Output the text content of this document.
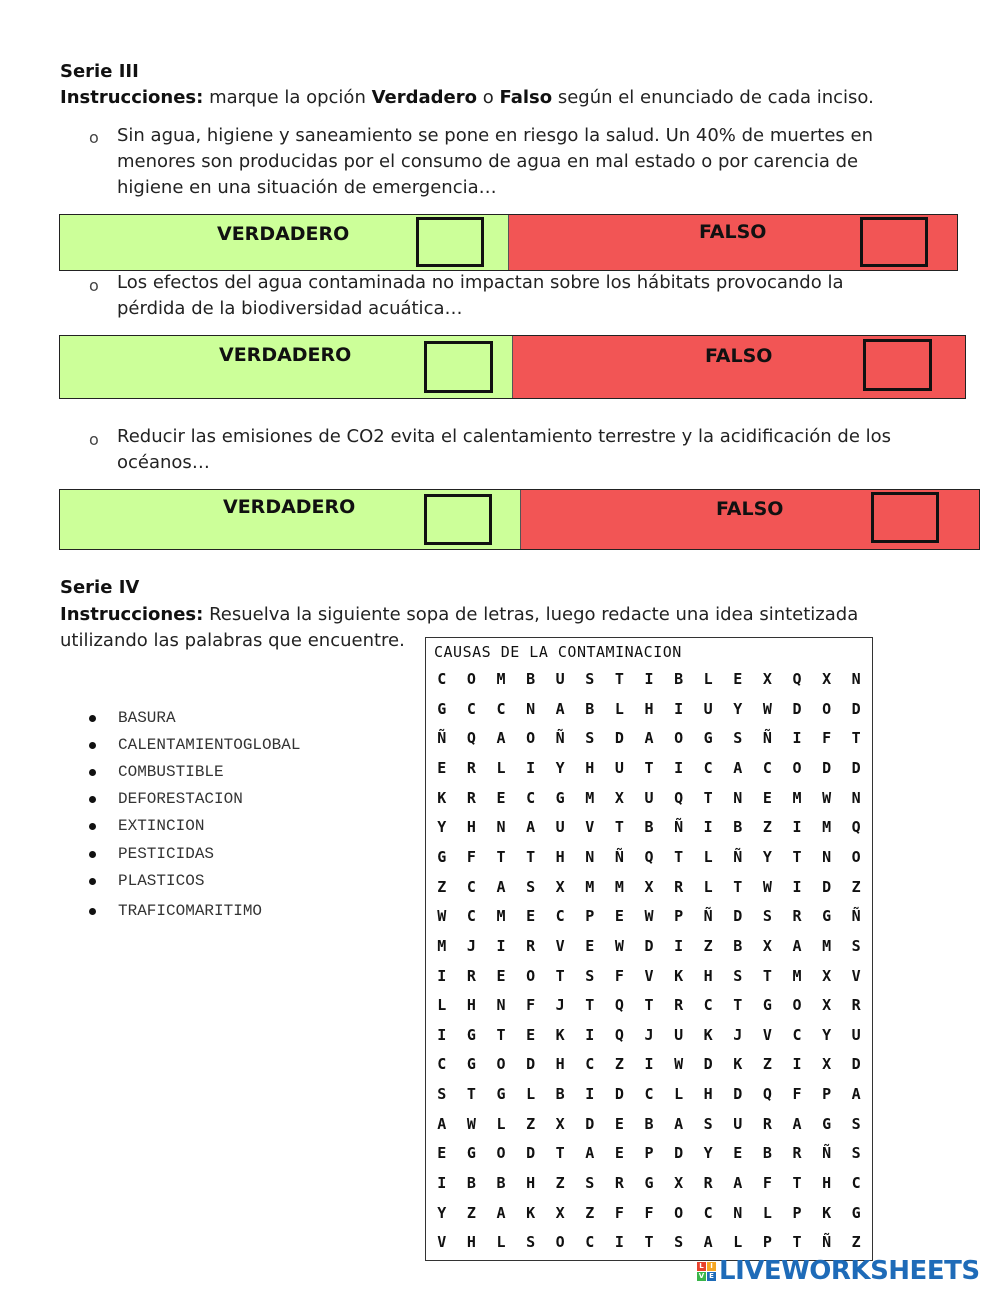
Serie III
Instrucciones: marque la opción Verdadero o Falso según el enunciado de cada inciso.
o Sin agua, higiene y saneamiento se pone en riesgo la salud. Un 40% de muertes en
menores son producidas por el consumo de agua en mal estado o por carencia de
higiene en una situación de emergencia…
VERDADERO	FALSO
o Los efectos del agua contaminada no impactan sobre los hábitats provocando la
pérdida de la biodiversidad acuática…
VERDADERO	FALSO
o Reducir las emisiones de CO2 evita el calentamiento terrestre y la acidificación de los
océanos…
VERDADERO	FALSO
Serie IV
Instrucciones: Resuelva la siguiente sopa de letras, luego redacte una idea sintetizada
utilizando las palabras que encuentre.
BASURA
CALENTAMIENTOGLOBAL
COMBUSTIBLE
DEFORESTACION
EXTINCION
PESTICIDAS
PLASTICOS
TRAFICOMARITIMO
CAUSAS DE LA CONTAMINACION
C	O	M	B	U	S	T	I	B	L	E	X	Q	X	N
G	C	C	N	A	B	L	H	I	U	Y	W	D	O	D
Ñ	Q	A	O	Ñ	S	D	A	O	G	S	Ñ	I	F	T
E	R	L	I	Y	H	U	T	I	C	A	C	O	D	D
K	R	E	C	G	M	X	U	Q	T	N	E	M	W	N
Y	H	N	A	U	V	T	B	Ñ	I	B	Z	I	M	Q
G	F	T	T	H	N	Ñ	Q	T	L	Ñ	Y	T	N	O
Z	C	A	S	X	M	M	X	R	L	T	W	I	D	Z
W	C	M	E	C	P	E	W	P	Ñ	D	S	R	G	Ñ
M	J	I	R	V	E	W	D	I	Z	B	X	A	M	S
I	R	E	O	T	S	F	V	K	H	S	T	M	X	V
L	H	N	F	J	T	Q	T	R	C	T	G	O	X	R
I	G	T	E	K	I	Q	J	U	K	J	V	C	Y	U
C	G	O	D	H	C	Z	I	W	D	K	Z	I	X	D
S	T	G	L	B	I	D	C	L	H	D	Q	F	P	A
A	W	L	Z	X	D	E	B	A	S	U	R	A	G	S
E	G	O	D	T	A	E	P	D	Y	E	B	R	Ñ	S
I	B	B	H	Z	S	R	G	X	R	A	F	T	H	C
Y	Z	A	K	X	Z	F	F	O	C	N	L	P	K	G
V	H	L	S	O	C	I	T	S	A	L	P	T	Ñ	Z
L I
V E LIVEWORKSHEETS
